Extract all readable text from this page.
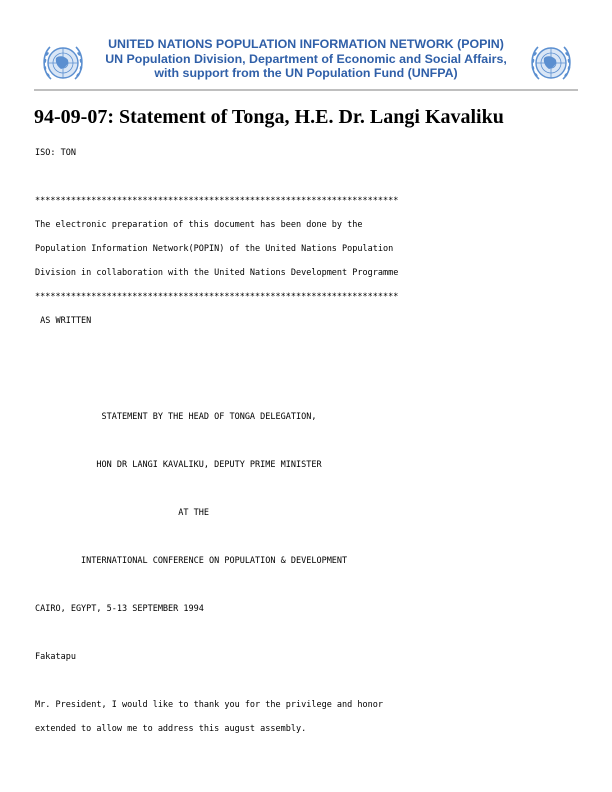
UNITED NATIONS POPULATION INFORMATION NETWORK (POPIN)
UN Population Division, Department of Economic and Social Affairs,
with support from the UN Population Fund (UNFPA)
94-09-07: Statement of Tonga, H.E. Dr. Langi Kavaliku
ISO: TON
***********************************************************************
The electronic preparation of this document has been done by the
Population Information Network(POPIN) of the United Nations Population
Division in collaboration with the United Nations Development Programme
***********************************************************************
AS WRITTEN
STATEMENT BY THE HEAD OF TONGA DELEGATION,
HON DR LANGI KAVALIKU, DEPUTY PRIME MINISTER
AT THE
INTERNATIONAL CONFERENCE ON POPULATION & DEVELOPMENT
CAIRO, EGYPT, 5-13 SEPTEMBER 1994
Fakatapu
Mr. President, I would like to thank you for the privilege and honor
extended to allow me to address this august assembly.
